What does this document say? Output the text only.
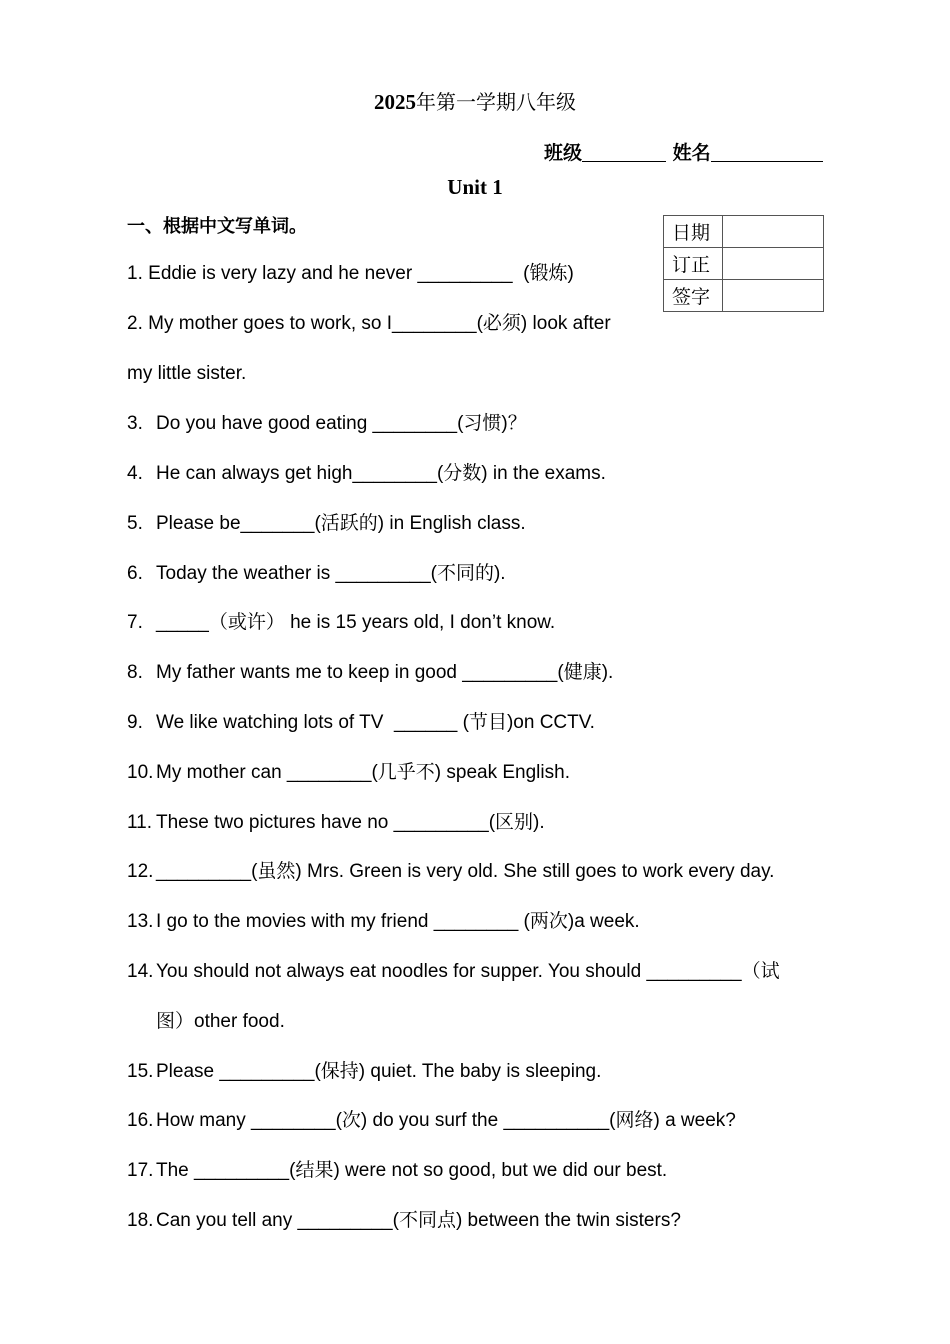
2025年第一学期八年级
班级	姓名
Unit 1
一、根据中文写单词。	日期	
订正	
签字	
1. Eddie is very lazy and he never _________  (锻炼)
2. My mother goes to work, so I________(必须) look after
my little sister.
3. Do you have good eating ________(习惯)？
4. He can always get high________(分数) in the exams.
5. Please be_______(活跃的) in English class.
6. Today the weather is _________(不同的).
7. _____（或许） he is 15 years old, I don’t know.
8. My father wants me to keep in good _________(健康).
9. We like watching lots of TV  ______ (节目)on CCTV.
10. My mother can ________(几乎不) speak English.
11. These two pictures have no _________(区别).
12. _________(虽然) Mrs. Green is very old. She still goes to work every day.
13. I go to the movies with my friend ________ (两次)a week.
14. You should not always eat noodles for supper. You should _________（试
图）other food.
15. Please _________(保持) quiet. The baby is sleeping.
16. How many ________(次) do you surf the __________(网络) a week?
17. The _________(结果) were not so good, but we did our best.
18. Can you tell any _________(不同点) between the twin sisters?
